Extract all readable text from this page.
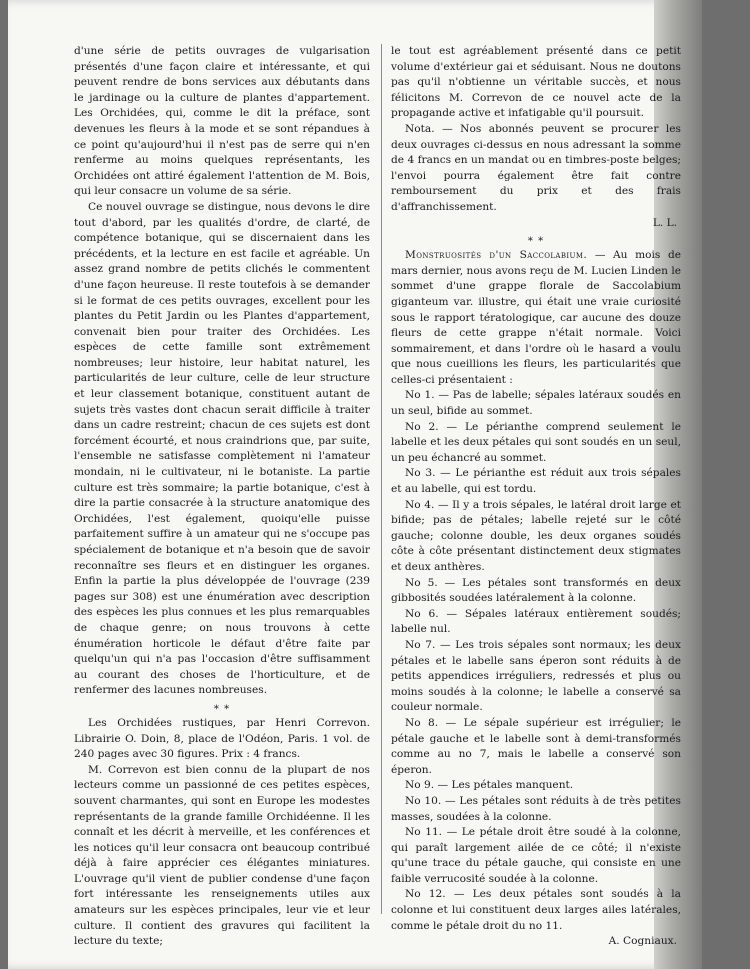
d'une série de petits ouvrages de vulgarisation présentés d'une façon claire et intéressante, et qui peuvent rendre de bons services aux débutants dans le jardinage ou la culture de plantes d'appartement. Les Orchidées, qui, comme le dit la préface, sont devenues les fleurs à la mode et se sont répandues à ce point qu'aujourd'hui il n'est pas de serre qui n'en renferme au moins quelques représentants, les Orchidées ont attiré également l'attention de M. Bois, qui leur consacre un volume de sa série.

Ce nouvel ouvrage se distingue, nous devons le dire tout d'abord, par les qualités d'ordre, de clarté, de compétence botanique, qui se discernaient dans les précédents, et la lecture en est facile et agréable. Un assez grand nombre de petits clichés le commentent d'une façon heureuse. Il reste toutefois à se demander si le format de ces petits ouvrages, excellent pour les plantes du Petit Jardin ou les Plantes d'appartement, convenait bien pour traiter des Orchidées. Les espèces de cette famille sont extrêmement nombreuses; leur histoire, leur habitat naturel, les particularités de leur culture, celle de leur structure et leur classement botanique, constituent autant de sujets très vastes dont chacun serait difficile à traiter dans un cadre restreint; chacun de ces sujets est dont forcément écourté, et nous craindrions que, par suite, l'ensemble ne satisfasse complètement ni l'amateur mondain, ni le cultivateur, ni le botaniste. La partie culture est très sommaire; la partie botanique, c'est à dire la partie consacrée à la structure anatomique des Orchidées, l'est également, quoiqu'elle puisse parfaitement suffire à un amateur qui ne s'occupe pas spécialement de botanique et n'a besoin que de savoir reconnaître ses fleurs et en distinguer les organes. Enfin la partie la plus développée de l'ouvrage (239 pages sur 308) est une énumération avec description des espèces les plus connues et les plus remarquables de chaque genre; on nous trouvons à cette énumération horticole le défaut d'être faite par quelqu'un qui n'a pas l'occasion d'être suffisamment au courant des choses de l'horticulture, et de renfermer des lacunes nombreuses.

* *

Les Orchidées rustiques, par Henri Correvon. Librairie O. Doin, 8, place de l'Odéon, Paris. 1 vol. de 240 pages avec 30 figures. Prix : 4 francs.

M. Correvon est bien connu de la plupart de nos lecteurs comme un passionné de ces petites espèces, souvent charmantes, qui sont en Europe les modestes représentants de la grande famille Orchidéenne. Il les connaît et les décrit à merveille, et les conférences et les notices qu'il leur consacra ont beaucoup contribué déjà à faire apprécier ces élégantes miniatures. L'ouvrage qu'il vient de publier condense d'une façon fort intéressante les renseignements utiles aux amateurs sur les espèces principales, leur vie et leur culture. Il contient des gravures qui facilitent la lecture du texte;

le tout est agréablement présenté dans ce petit volume d'extérieur gai et séduisant. Nous ne doutons pas qu'il n'obtienne un véritable succès, et nous félicitons M. Correvon de ce nouvel acte de la propagande active et infatigable qu'il poursuit.

Nota. — Nos abonnés peuvent se procurer les deux ouvrages ci-dessus en nous adressant la somme de 4 francs en un mandat ou en timbres-poste belges; l'envoi pourra également être fait contre remboursement du prix et des frais d'affranchissement.

L. L.

* *

Monstruosités d'un Saccolabium. — Au mois de mars dernier, nous avons reçu de M. Lucien Linden le sommet d'une grappe florale de Saccolabium giganteum var. illustre, qui était une vraie curiosité sous le rapport tératologique, car aucune des douze fleurs de cette grappe n'était normale. Voici sommairement, et dans l'ordre où le hasard a voulu que nous cueillions les fleurs, les particularités que celles-ci présentaient :

No 1. — Pas de labelle; sépales latéraux soudés en un seul, bifide au sommet.

No 2. — Le périanthe comprend seulement le labelle et les deux pétales qui sont soudés en un seul, un peu échancré au sommet.

No 3. — Le périanthe est réduit aux trois sépales et au labelle, qui est tordu.

No 4. — Il y a trois sépales, le latéral droit large et bifide; pas de pétales; labelle rejeté sur le côté gauche; colonne double, les deux organes soudés côte à côte présentant distinctement deux stigmates et deux anthères.

No 5. — Les pétales sont transformés en deux gibbosités soudées latéralement à la colonne.

No 6. — Sépales latéraux entièrement soudés; labelle nul.

No 7. — Les trois sépales sont normaux; les deux pétales et le labelle sans éperon sont réduits à de petits appendices irréguliers, redressés et plus ou moins soudés à la colonne; le labelle a conservé sa couleur normale.

No 8. — Le sépale supérieur est irrégulier; le pétale gauche et le labelle sont à demi-transformés comme au no 7, mais le labelle a conservé son éperon.

No 9. — Les pétales manquent.

No 10. — Les pétales sont réduits à de très petites masses, soudées à la colonne.

No 11. — Le pétale droit être soudé à la colonne, qui paraît largement ailée de ce côté; il n'existe qu'une trace du pétale gauche, qui consiste en une faible verrucosité soudée à la colonne.

No 12. — Les deux pétales sont soudés à la colonne et lui constituent deux larges ailes latérales, comme le pétale droit du no 11.

A. Cogniaux.
